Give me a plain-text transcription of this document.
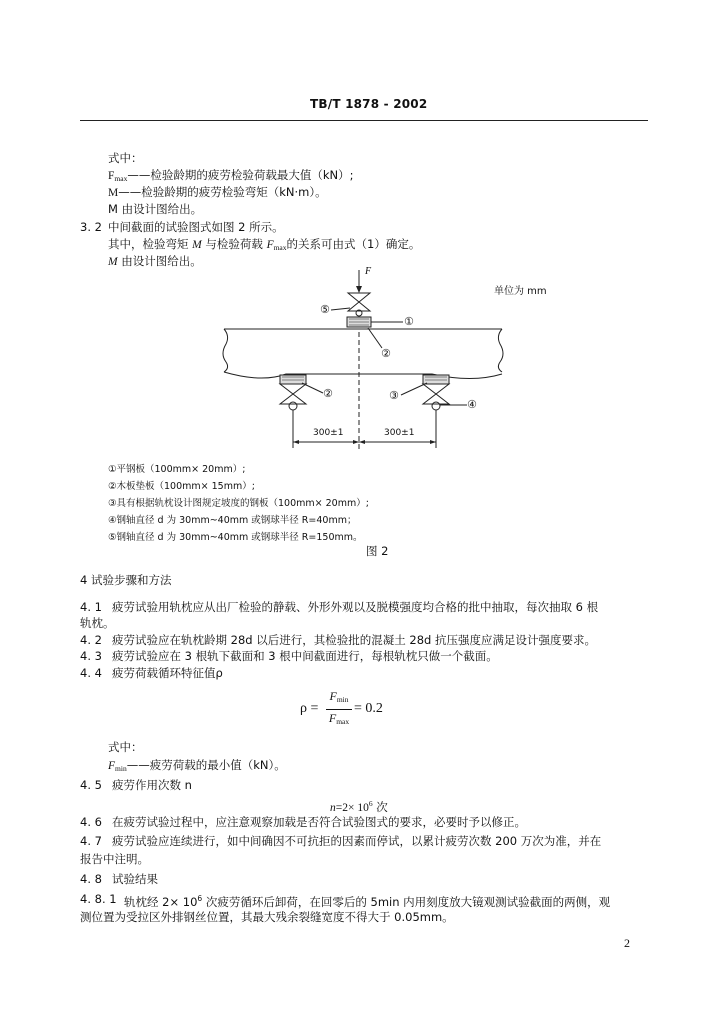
TB/T 1878 - 2002
式中：
$F_{max}——$检验龄期的疲劳检验荷载最大值（kN）;
M——检验龄期的疲劳检验弯矩（kN·m）。
M 由设计图给出。
3. 2 中间截面的试验图式如图 2 所示。
其中，检验弯矩 M 与检验荷载 $F_{max}$的关系可由式（1）确定。
M 由设计图给出。
单位为 mm
F
⑤
①
②
②	③
④
300±1	300±1
①平钢板（100mm× 20mm）;
②木板垫板（100mm× 15mm）;
③具有根据轨枕设计图规定坡度的钢板（100mm× 20mm）;
④钢轴直径 d 为 30mm~40mm 或钢球半径 R=40mm；
⑤钢轴直径 d 为 30mm~40mm 或钢球半径 R=150mm。
图 2
4 试验步骤和方法
4. 1 疲劳试验用轨枕应从出厂检验的静载、外形外观以及脱模强度均合格的批中抽取，每次抽取 6 根
轨枕。
4. 2 疲劳试验应在轨枕龄期 28d 以后进行，其检验批的混凝土 28d 抗压强度应满足设计强度要求。
4. 3 疲劳试验应在 3 根轨下截面和 3 根中间截面进行，每根轨枕只做一个截面。
4. 4 疲劳荷载循环特征值ρ
ρ =
$F_{min}$
$F_{max}$
= 0.2
式中：
$F_{min}——$疲劳荷载的最小值（kN）。
4. 5 疲劳作用次数 n
$n=2\times 10^6$ 次
4. 6 在疲劳试验过程中，应注意观察加载是否符合试验图式的要求，必要时予以修正。
4. 7 疲劳试验应连续进行，如中间确因不可抗拒的因素而停试，以累计疲劳次数 200 万次为准，并在
报告中注明。
4. 8 试验结果
4. 8. 1 轨枕经 $2\times 10^6$ 次疲劳循环后卸荷，在回零后的 5min 内用刻度放大镜观测试验截面的两侧，观
测位置为受拉区外排钢丝位置，其最大残余裂缝宽度不得大于 0.05mm。
2
